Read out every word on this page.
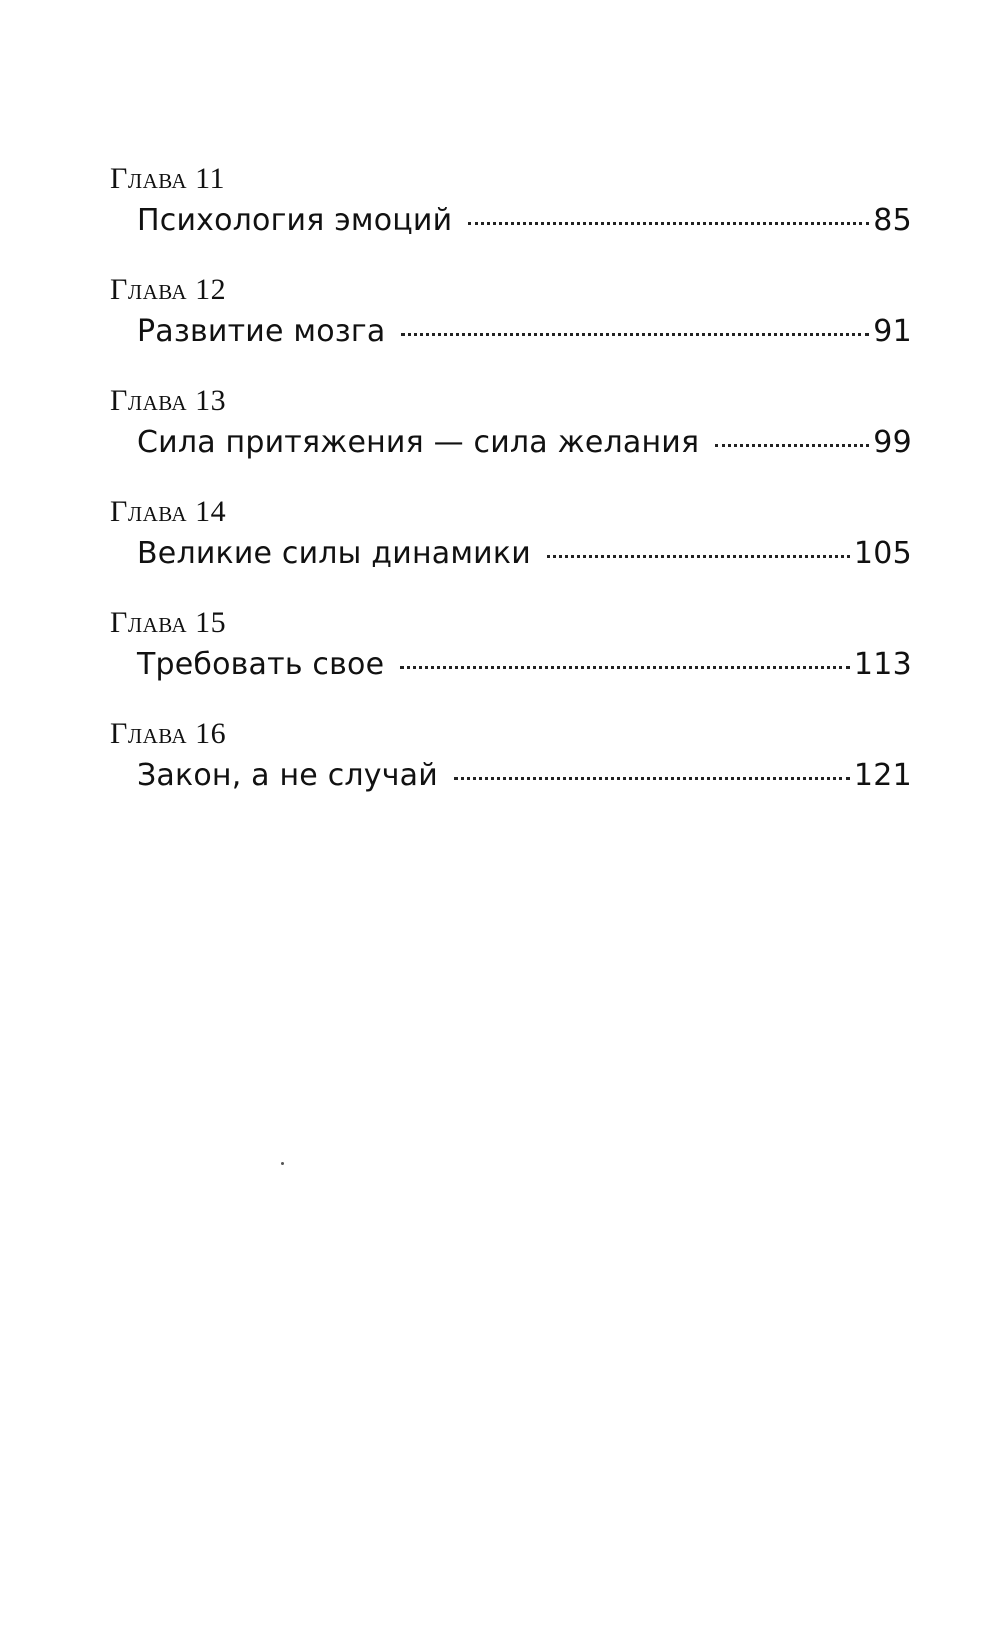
Глава 11
Психология эмоций	85
Глава 12
Развитие мозга	91
Глава 13
Сила притяжения — сила желания	99
Глава 14
Великие силы динамики	105
Глава 15
Требовать свое	113
Глава 16
Закон, а не случай	121
